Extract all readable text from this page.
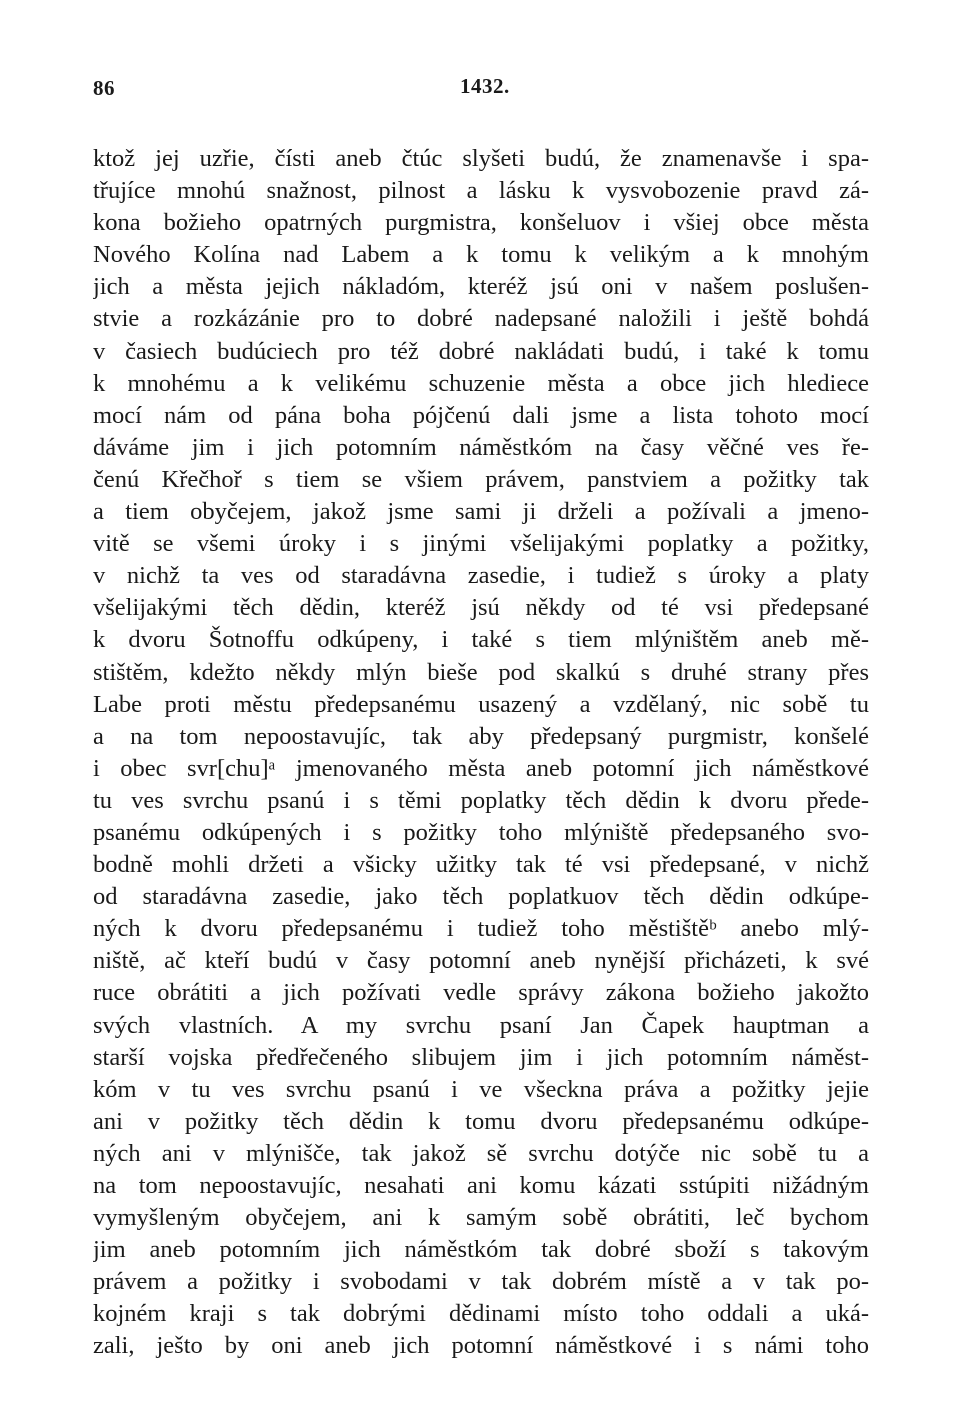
86	1432.
ktož jej uzřie, čísti aneb čtúc slyšeti budú, že znamenavše i spa-
třujíce mnohú snažnost, pilnost a lásku k vysvobozenie pravd zá-
kona božieho opatrných purgmistra, konšeluov i všiej obce města
Nového Kolína nad Labem a k tomu k velikým a k mnohým
jich a města jejich nákladóm, kteréž jsú oni v našem poslušen-
stvie a rozkázánie pro to dobré nadepsané naložili i ještě bohdá
v časiech budúciech pro též dobré nakládati budú, i také k tomu
k mnohému a k velikému schuzenie města a obce jich hlediece
mocí nám od pána boha pójčenú dali jsme a lista tohoto mocí
dáváme jim i jich potomním náměstkóm na časy věčné ves ře-
čenú Křečhoř s tiem se všiem právem, panstviem a požitky tak
a tiem obyčejem, jakož jsme sami ji drželi a požívali a jmeno-
vitě se všemi úroky i s jinými všelijakými poplatky a požitky,
v nichž ta ves od staradávna zasedie, i tudiež s úroky a platy
všelijakými těch dědin, kteréž jsú někdy od té vsi předepsané
k dvoru Šotnoffu odkúpeny, i také s tiem mlýništěm aneb mě-
stištěm, kdežto někdy mlýn bieše pod skalkú s druhé strany přes
Labe proti městu předepsanému usazený a vzdělaný, nic sobě tu
a na tom nepoostavujíc, tak aby předepsaný purgmistr, konšelé
i obec svr[chu]ᵃ jmenovaného města aneb potomní jich náměstkové
tu ves svrchu psanú i s těmi poplatky těch dědin k dvoru přede-
psanému odkúpených i s požitky toho mlýniště předepsaného svo-
bodně mohli držeti a všicky užitky tak té vsi předepsané, v nichž
od staradávna zasedie, jako těch poplatkuov těch dědin odkúpe-
ných k dvoru předepsanému i tudiež toho městištěᵇ anebo mlý-
niště, ač kteří budú v časy potomní aneb nynější přicházeti, k své
ruce obrátiti a jich požívati vedle správy zákona božieho jakožto
svých vlastních. A my svrchu psaní Jan Čapek hauptman a
starší vojska předřečeného slibujem jim i jich potomním náměst-
kóm v tu ves svrchu psanú i ve všeckna práva a požitky jejie
ani v požitky těch dědin k tomu dvoru předepsanému odkúpe-
ných ani v mlýnišče, tak jakož sě svrchu dotýče nic sobě tu a
na tom nepoostavujíc, nesahati ani komu kázati sstúpiti nižádným
vymyšleným obyčejem, ani k samým sobě obrátiti, leč bychom
jim aneb potomním jich náměstkóm tak dobré sboží s takovým
právem a požitky i svobodami v tak dobrém místě a v tak po-
kojném kraji s tak dobrými dědinami místo toho oddali a uká-
zali, ješto by oni aneb jich potomní náměstkové i s námi toho
